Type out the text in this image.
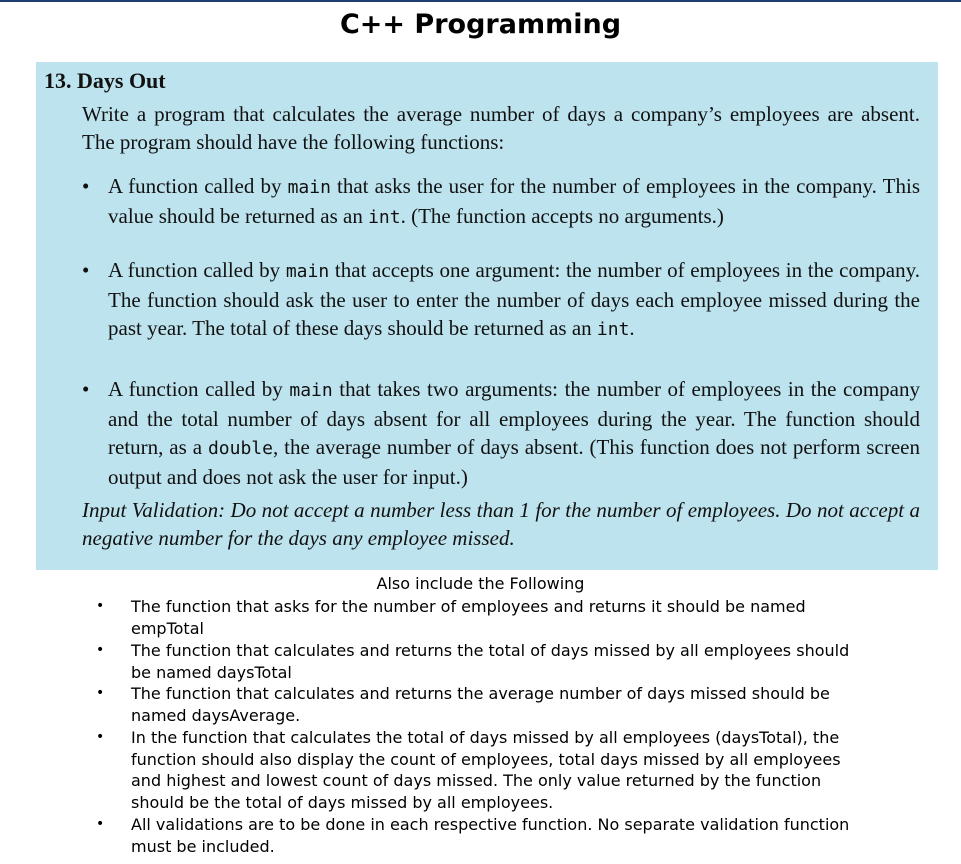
C++ Programming
13. Days Out
Write a program that calculates the average number of days a company’s employees are absent. The program should have the following functions:
• A function called by main that asks the user for the number of employees in the company. This value should be returned as an int. (The function accepts no arguments.)
• A function called by main that accepts one argument: the number of employees in the company. The function should ask the user to enter the number of days each employee missed during the past year. The total of these days should be returned as an int.
• A function called by main that takes two arguments: the number of employees in the company and the total number of days absent for all employees during the year. The function should return, as a double, the average number of days absent. (This function does not perform screen output and does not ask the user for input.)
Input Validation: Do not accept a number less than 1 for the number of employees. Do not accept a negative number for the days any employee missed.
Also include the Following
• The function that asks for the number of employees and returns it should be named empTotal
• The function that calculates and returns the total of days missed by all employees should be named daysTotal
• The function that calculates and returns the average number of days missed should be named daysAverage.
• In the function that calculates the total of days missed by all employees (daysTotal), the function should also display the count of employees, total days missed by all employees and highest and lowest count of days missed. The only value returned by the function should be the total of days missed by all employees.
• All validations are to be done in each respective function. No separate validation function must be included.
